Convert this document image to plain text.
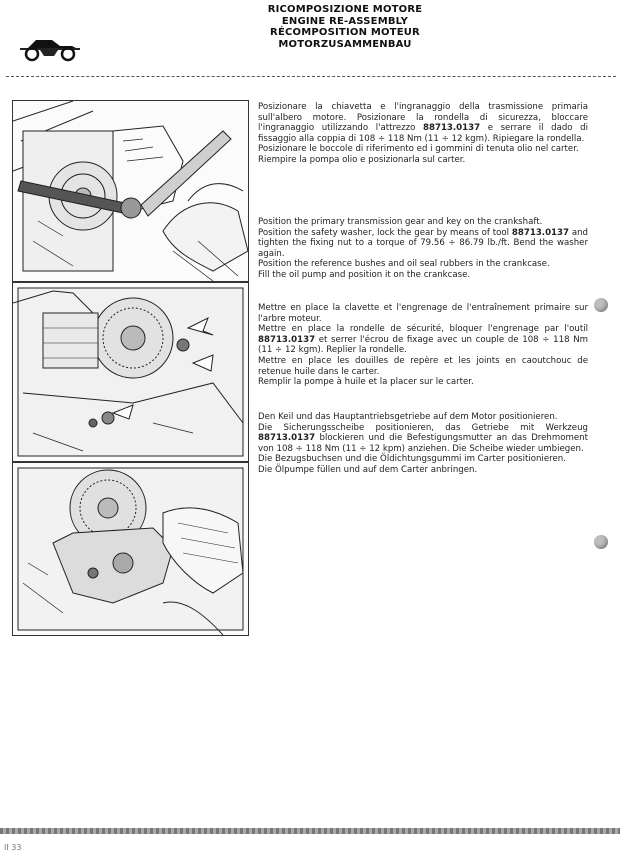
RICOMPOSIZIONE MOTORE
ENGINE RE-ASSEMBLY
RÉCOMPOSITION MOTEUR
MOTORZUSAMMENBAU

Posizionare la chiavetta e l'ingranaggio della trasmissione primaria sull'albero motore. Posizionare la rondella di sicurezza, bloccare l'ingranaggio utilizzando l'attrezzo 88713.0137 e serrare il dado di fissaggio alla coppia di 108 ÷ 118 Nm (11 ÷ 12 kgm). Ripiegare la rondella.

Posizionare le boccole di riferimento ed i gommini di tenuta olio nel carter.

Riempire la pompa olio e posizionarla sul carter.

Position the primary transmission gear and key on the crankshaft.

Position the safety washer, lock the gear by means of tool 88713.0137 and tighten the fixing nut to a torque of 79.56 ÷ 86.79 lb./ft. Bend the washer again.

Position the reference bushes and oil seal rubbers in the crankcase.

Fill the oil pump and position it on the crankcase.

Mettre en place la clavette et l'engrenage de l'entraînement primaire sur l'arbre moteur.

Mettre en place la rondelle de sécurité, bloquer l'engrenage par l'outil 88713.0137 et serrer l'écrou de fixage avec un couple de 108 ÷ 118 Nm (11 ÷ 12 kgm). Replier la rondelle.

Mettre en place les douilles de repère et les joints en caoutchouc de retenue huile dans le carter.

Remplir la pompe à huile et la placer sur le carter.

Den Keil und das Hauptantriebsgetriebe auf dem Motor positionieren.

Die Sicherungsscheibe positionieren, das Getriebe mit Werkzeug 88713.0137 blockieren und die Befestigungsmutter an das Drehmoment von 108 ÷ 118 Nm (11 ÷ 12 kpm) anziehen. Die Scheibe wieder umbiegen.

Die Bezugsbuchsen und die Öldichtungsgummi im Carter positionieren.

Die Ölpumpe füllen und auf dem Carter anbringen.

II 33
